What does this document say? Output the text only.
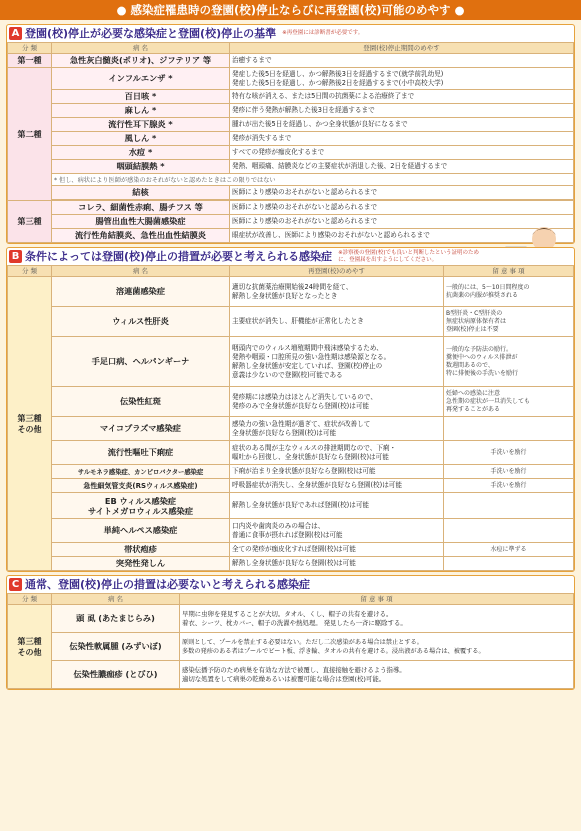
● 感染症罹患時の登園(校)停止ならびに再登園(校)可能のめやす ●
A 登園(校)停止が必要な感染症と登園(校)停止の基準 ※再登園には診断書が必要です。
分 類	病 名	登園(校)停止期間のめやす
第一種	急性灰白髄炎(ポリオ)、ジフテリア 等	治癒するまで
第二種	インフルエンザ *	発症した後5日を経過し、かつ解熱後3日を経過するまで(就学前乳幼児)
発症した後5日を経過し、かつ解熱後2日を経過するまで(小中高校大学)
	百日咳 *	特有な咳が消える、または5日間の抗菌薬による治療終了まで
	麻しん *	発疹に伴う発熱が解熱した後3日を経過するまで
	流行性耳下腺炎 *	腫れが出た後5日を経過し、かつ全身状態が良好になるまで
	風しん *	発疹が消失するまで
	水痘 *	すべての発疹が痂皮化するまで
	咽頭結膜熱 *	発熱、咽頭痛、結膜炎などの主要症状が消退した後、2日を経過するまで
	* 但し、病状により医師が感染のおそれがないと認めたときはこの限りではない	
	結核	医師により感染のおそれがないと認められるまで

第三種	コレラ、細菌性赤痢、腸チフス 等	医師により感染のおそれがないと認められるまで
	腸管出血性大腸菌感染症	医師により感染のおそれがないと認められるまで
	流行性角結膜炎、急性出血性結膜炎	眼症状が改善し、医師により感染のおそれがないと認められるまで
B 条件によっては登園(校)停止の措置が必要と考えられる感染症 ※診察後の登園(校)でも良いと判断したという証明のために、登園届を出すようにしてください。
分 類	病 名	再登園(校)のめやす	留 意 事 項
第三種
その他	溶連菌感染症	適切な抗菌薬治療開始後24時間を経て、
解熱し全身状態が良好となったとき	一般的には、5〜10日間程度の
抗菌薬の内服が推奨される
	ウィルス性肝炎	主要症状が消失し、肝機能が正常化したとき	B型肝炎・C型肝炎の
無症状病原体保有者は
登園(校)停止は不要
	手足口病、ヘルパンギーナ	咽頭内でのウィルス増殖期間中飛沫感染するため、
発熱や咽頭・口腔所見の強い急性期は感染源となる。
解熱し全身状態が安定していれば、登園(校)停止の
意義は少ないので登園(校)可能である	一般的な予防法の励行。
糞便中へのウィルス排泄が
数週間あるので、
特に排便後の手洗いを励行
	伝染性紅斑	発疹期には感染力はほとんど消失しているので、
発疹のみで全身状態が良好なら登園(校)は可能	妊婦への感染に注意
急性期の症状が一旦消失しても
再発することがある
	マイコプラズマ感染症	感染力の強い急性期が過ぎて、症状が改善して
全身状態が良好なら登園(校)は可能	
	流行性嘔吐下痢症	症状のある間が主なウィルスの排泄期間なので、下痢・
嘔吐から回復し、全身状態が良好なら登園(校)は可能	手洗いを励行
	サルモネラ感染症、カンピロバクター感染症	下痢が治まり全身状態が良好なら登園(校)は可能	手洗いを励行
	急性細気管支炎(RSウィルス感染症)	呼吸器症状が消失し、全身状態が良好なら登園(校)は可能	手洗いを励行
	EB ウィルス感染症
サイトメガロウィルス感染症	解熱し全身状態が良好であれば登園(校)は可能	
	単純ヘルペス感染症	口内炎や歯肉炎のみの場合は、
普通に食事が摂れれば登園(校)は可能	
	帯状疱疹	全ての発疹が痂皮化すれば登園(校)は可能	水痘に準ずる
	突発性発しん	解熱し全身状態が良好なら登園(校)は可能	
C 通常、登園(校)停止の措置は必要ないと考えられる感染症
分 類	病 名	留 意 事 項
第三種
その他	頭 虱 (あたまじらみ)	早期に虫卵を発見することが大切。タオル、くし、帽子の共有を避ける。
着衣、シーツ、枕カバー、帽子の洗濯や熱処理。 発見したら一斉に駆除する。
	伝染性軟属腫 (みずいぼ)	原則として、プールを禁止する必要はない。ただし二次感染がある場合は禁止とする。
多数の発疹のある者はプールでビート板、浮き輪、タオルの共有を避ける。浸出液がある場合は、被覆する。
	伝染性膿痂疹 (とびひ)	感染伝播予防のため病巣を有効な方法で被覆し、直接接触を避けるよう指導。
適切な処置をして病巣の乾燥あるいは被覆可能な場合は登園(校)可能。
